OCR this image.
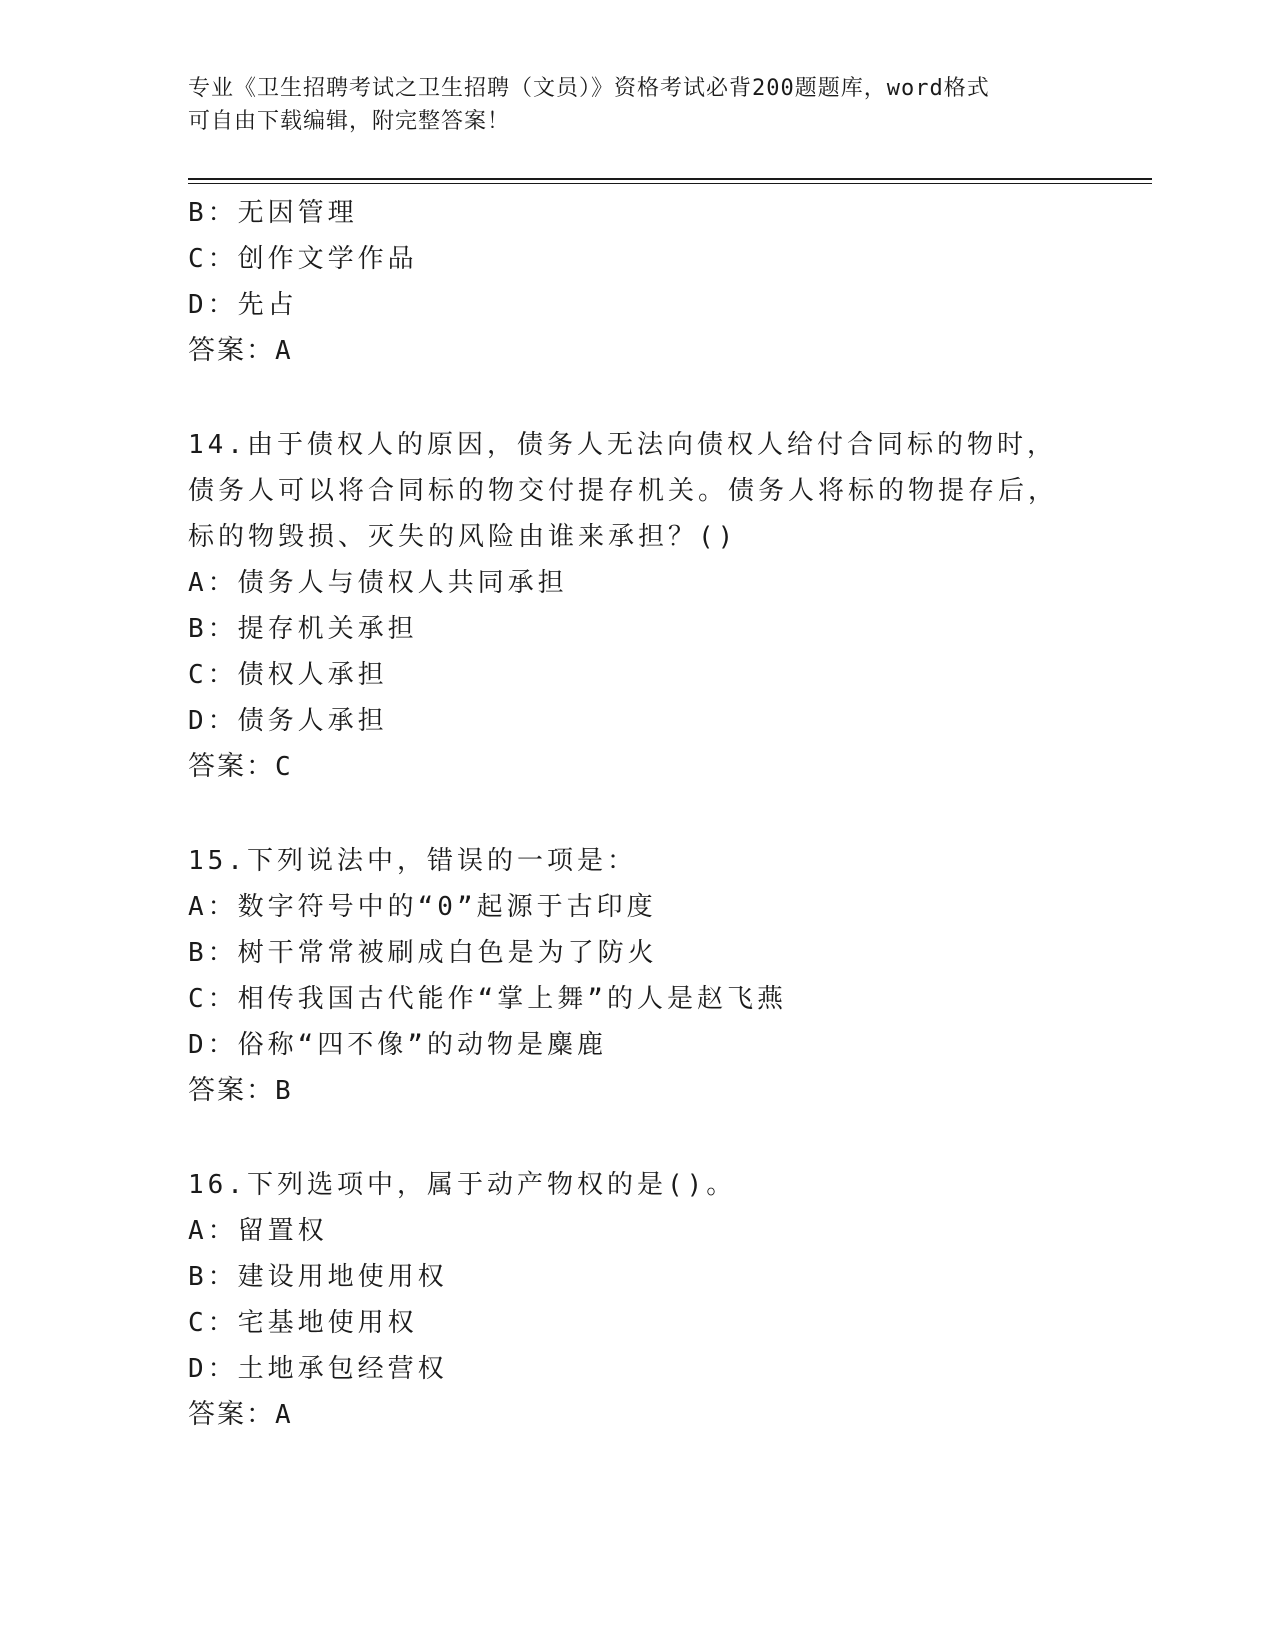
专业《卫生招聘考试之卫生招聘（文员）》资格考试必背200题题库，word格式
可自由下载编辑，附完整答案！
B：无因管理
C：创作文学作品
D：先占
答案：A
14.由于债权人的原因，债务人无法向债权人给付合同标的物时，债务人可以将合同标的物交付提存机关。债务人将标的物提存后，标的物毁损、灭失的风险由谁来承担？()
A：债务人与债权人共同承担
B：提存机关承担
C：债权人承担
D：债务人承担
答案：C
15.下列说法中，错误的一项是：
A：数字符号中的“0”起源于古印度
B：树干常常被刷成白色是为了防火
C：相传我国古代能作“掌上舞”的人是赵飞燕
D：俗称“四不像”的动物是麋鹿
答案：B
16.下列选项中，属于动产物权的是()。
A：留置权
B：建设用地使用权
C：宅基地使用权
D：土地承包经营权
答案：A
